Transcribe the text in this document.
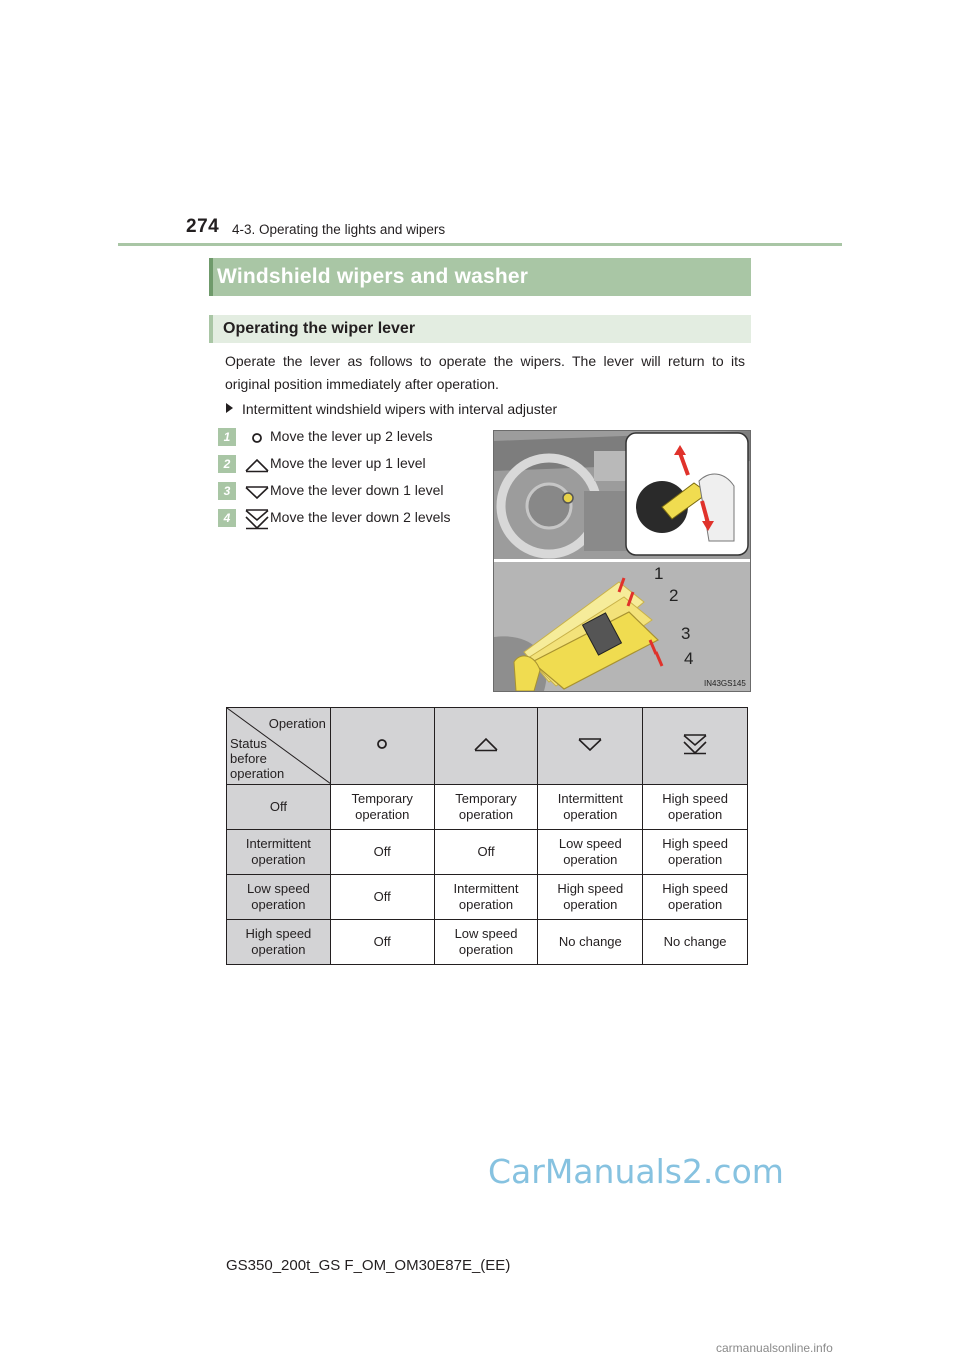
274 4-3. Operating the lights and wipers
Windshield wipers and washer
Operating the wiper lever
Operate the lever as follows to operate the wipers. The lever will return to its original position immediately after operation.
Intermittent windshield wipers with interval adjuster
1	Move the lever up 2 levels
2	Move the lever up 1 level
3	Move the lever down 1 level
4	Move the lever down 2 levels
1
2
3
4
IN43GS145
Operation
Status
before
operation

Off	Temporary operation	Temporary operation	Intermittent operation	High speed operation
Intermittent operation	Off	Off	Low speed operation	High speed operation
Low speed operation	Off	Intermittent operation	High speed operation	High speed operation
High speed operation	Off	Low speed operation	No change	No change
CarManuals2.com
GS350_200t_GS F_OM_OM30E87E_(EE)
carmanualsonline.info
